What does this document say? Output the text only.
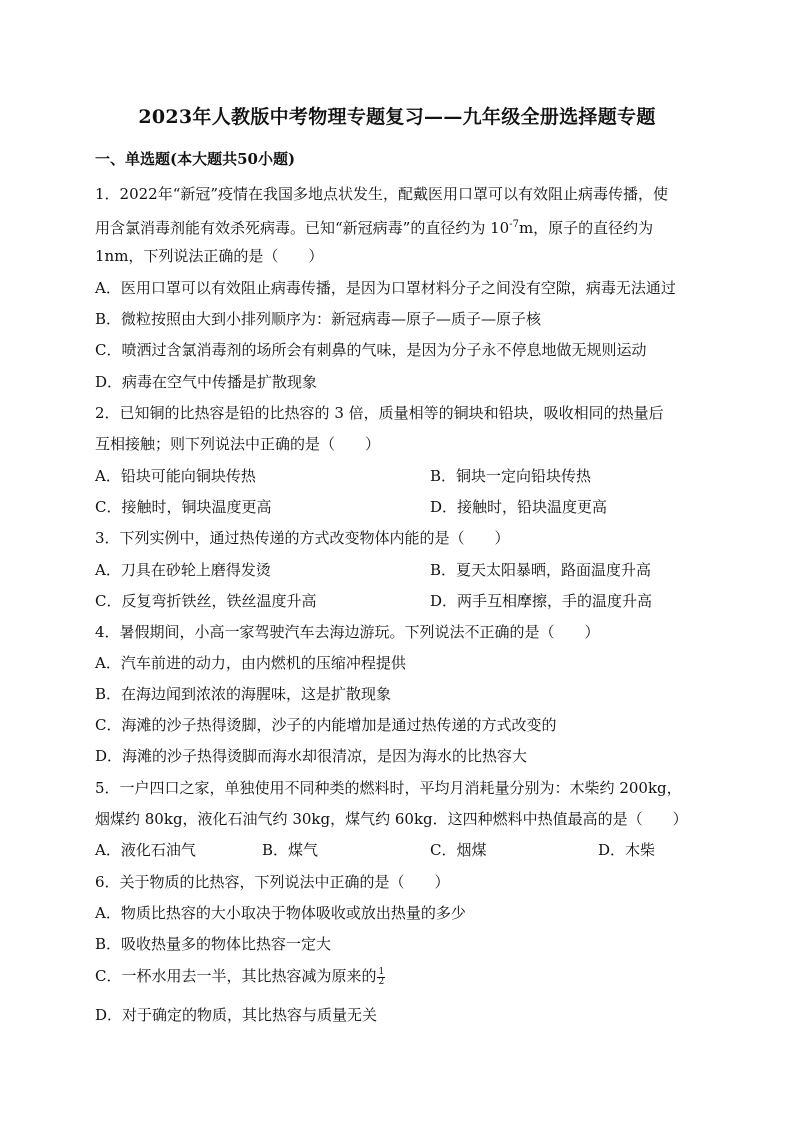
2023年人教版中考物理专题复习——九年级全册选择题专题
一、单选题(本大题共50小题)
1．2022年“新冠”疫情在我国多地点状发生，配戴医用口罩可以有效阻止病毒传播，使
用含氯消毒剂能有效杀死病毒。已知“新冠病毒”的直径约为 $10^{-7}m$，原子的直径约为
1nm，下列说法正确的是（　　）
A．医用口罩可以有效阻止病毒传播，是因为口罩材料分子之间没有空隙，病毒无法通过
B．微粒按照由大到小排列顺序为：新冠病毒—原子—质子—原子核
C．喷洒过含氯消毒剂的场所会有刺鼻的气味，是因为分子永不停息地做无规则运动
D．病毒在空气中传播是扩散现象
2．已知铜的比热容是铅的比热容的 3 倍，质量相等的铜块和铅块，吸收相同的热量后
互相接触；则下列说法中正确的是（　　）
A．铅块可能向铜块传热	B．铜块一定向铅块传热
C．接触时，铜块温度更高	D．接触时，铅块温度更高
3．下列实例中，通过热传递的方式改变物体内能的是（　　）
A．刀具在砂轮上磨得发烫	B．夏天太阳暴晒，路面温度升高
C．反复弯折铁丝，铁丝温度升高	D．两手互相摩擦，手的温度升高
4．暑假期间，小高一家驾驶汽车去海边游玩。下列说法不正确的是（　　）
A．汽车前进的动力，由内燃机的压缩冲程提供
B．在海边闻到浓浓的海腥味，这是扩散现象
C．海滩的沙子热得烫脚，沙子的内能增加是通过热传递的方式改变的
D．海滩的沙子热得烫脚而海水却很清凉，是因为海水的比热容大
5．一户四口之家，单独使用不同种类的燃料时，平均月消耗量分别为：木柴约 200kg，
烟煤约 80kg，液化石油气约 30kg，煤气约 60kg．这四种燃料中热值最高的是（　　）
A．液化石油气	B．煤气	C．烟煤	D．木柴
6．关于物质的比热容，下列说法中正确的是（　　）
A．物质比热容的大小取决于物体吸收或放出热量的多少
B．吸收热量多的物体比热容一定大
C．一杯水用去一半，其比热容减为原来的 $\frac{1}{2}$
D．对于确定的物质，其比热容与质量无关
